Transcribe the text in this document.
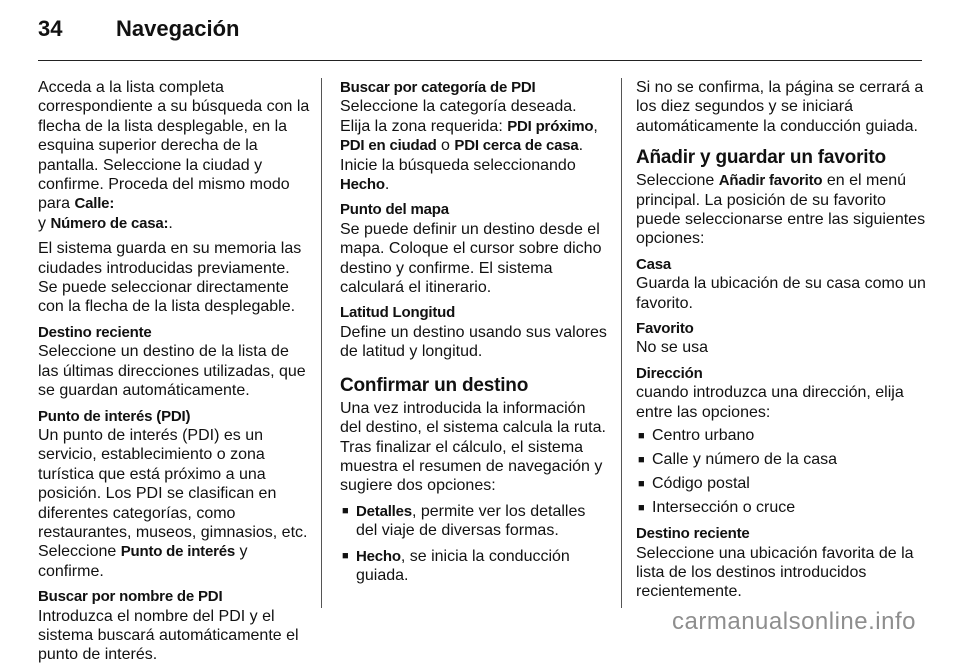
34	Navegación
Acceda a la lista completa correspondiente a su búsqueda con la flecha de la lista desplegable, en la esquina superior derecha de la pantalla. Seleccione la ciudad y confirme. Proceda del mismo modo para Calle:
y Número de casa:.
El sistema guarda en su memoria las ciudades introducidas previamente. Se puede seleccionar directamente con la flecha de la lista desplegable.
Destino reciente
Seleccione un destino de la lista de las últimas direcciones utilizadas, que se guardan automáticamente.
Punto de interés (PDI)
Un punto de interés (PDI) es un servicio, establecimiento o zona turística que está próximo a una posición. Los PDI se clasifican en diferentes categorías, como restaurantes, museos, gimnasios, etc. Seleccione Punto de interés y confirme.
Buscar por nombre de PDI
Introduzca el nombre del PDI y el sistema buscará automáticamente el punto de interés.
Buscar por categoría de PDI
Seleccione la categoría deseada. Elija la zona requerida: PDI próximo, PDI en ciudad o PDI cerca de casa. Inicie la búsqueda seleccionando Hecho.
Punto del mapa
Se puede definir un destino desde el mapa. Coloque el cursor sobre dicho destino y confirme. El sistema calculará el itinerario.
Latitud Longitud
Define un destino usando sus valores de latitud y longitud.
Confirmar un destino
Una vez introducida la información del destino, el sistema calcula la ruta. Tras finalizar el cálculo, el sistema muestra el resumen de navegación y sugiere dos opciones:
■ Detalles, permite ver los detalles del viaje de diversas formas.
■ Hecho, se inicia la conducción guiada.
Si no se confirma, la página se cerrará a los diez segundos y se iniciará automáticamente la conducción guiada.
Añadir y guardar un favorito
Seleccione Añadir favorito en el menú principal. La posición de su favorito puede seleccionarse entre las siguientes opciones:
Casa
Guarda la ubicación de su casa como un favorito.
Favorito
No se usa
Dirección
cuando introduzca una dirección, elija entre las opciones:
■ Centro urbano
■ Calle y número de la casa
■ Código postal
■ Intersección o cruce
Destino reciente
Seleccione una ubicación favorita de la lista de los destinos introducidos recientemente.
carmanualsonline.info
